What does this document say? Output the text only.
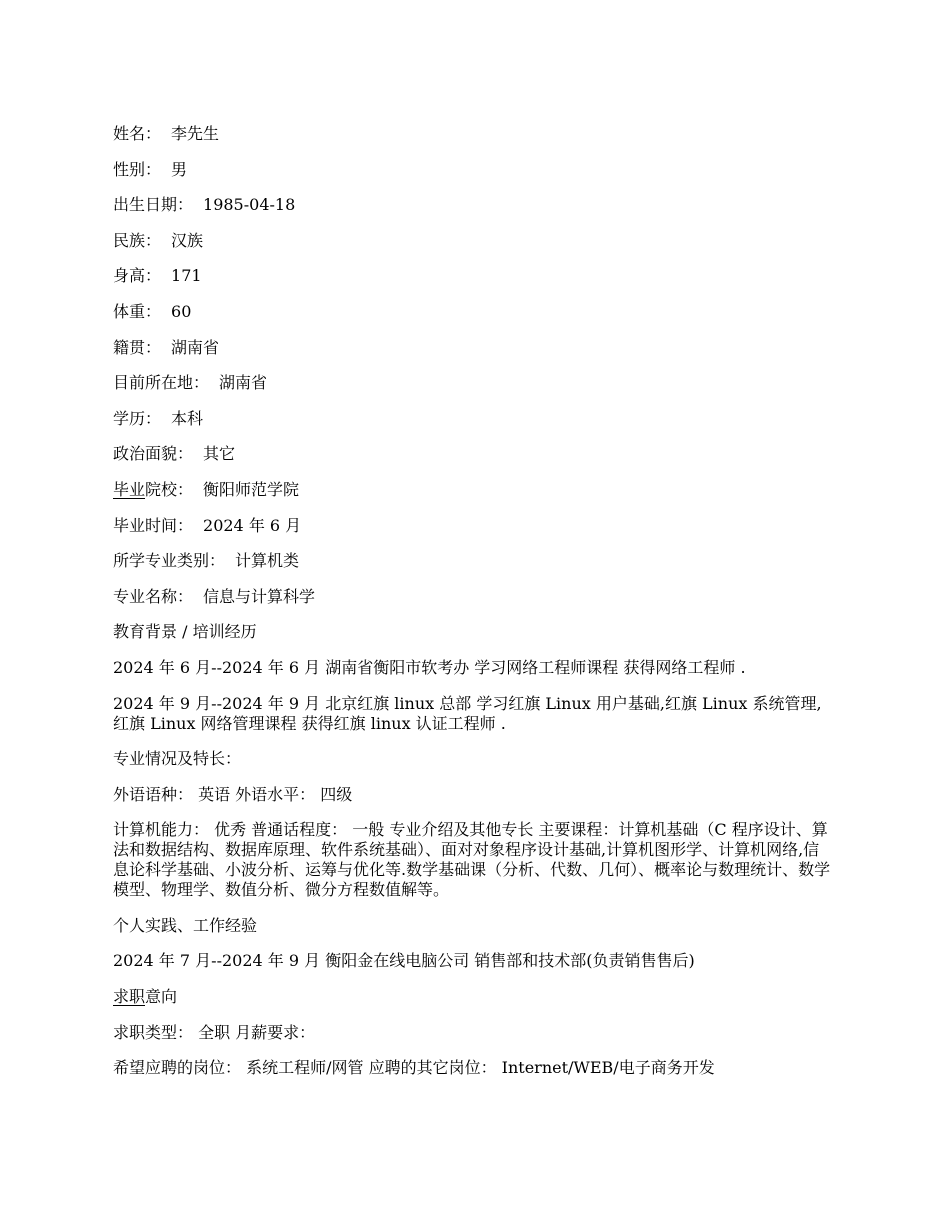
姓名： 李先生

性别： 男

出生日期： 1985-04-18

民族： 汉族

身高： 171

体重： 60

籍贯： 湖南省

目前所在地： 湖南省

学历： 本科

政治面貌： 其它

毕业院校： 衡阳师范学院

毕业时间： 2024 年 6 月

所学专业类别： 计算机类

专业名称： 信息与计算科学

教育背景 / 培训经历

2024 年 6 月--2024 年 6 月 湖南省衡阳市软考办 学习网络工程师课程 获得网络工程师 .

2024 年 9 月--2024 年 9 月 北京红旗 linux 总部 学习红旗 Linux 用户基础,红旗 Linux 系统管理,红旗 Linux 网络管理课程 获得红旗 linux 认证工程师 .

专业情况及特长：

外语语种： 英语 外语水平： 四级

计算机能力： 优秀 普通话程度： 一般 专业介绍及其他专长 主要课程：计算机基础（C 程序设计、算法和数据结构、数据库原理、软件系统基础）、面对对象程序设计基础,计算机图形学、计算机网络,信息论科学基础、小波分析、运筹与优化等.数学基础课（分析、代数、几何）、概率论与数理统计、数学模型、物理学、数值分析、微分方程数值解等。

个人实践、工作经验

2024 年 7 月--2024 年 9 月 衡阳金在线电脑公司 销售部和技术部(负责销售售后)

求职意向

求职类型： 全职 月薪要求：

希望应聘的岗位： 系统工程师/网管 应聘的其它岗位： Internet/WEB/电子商务开发
